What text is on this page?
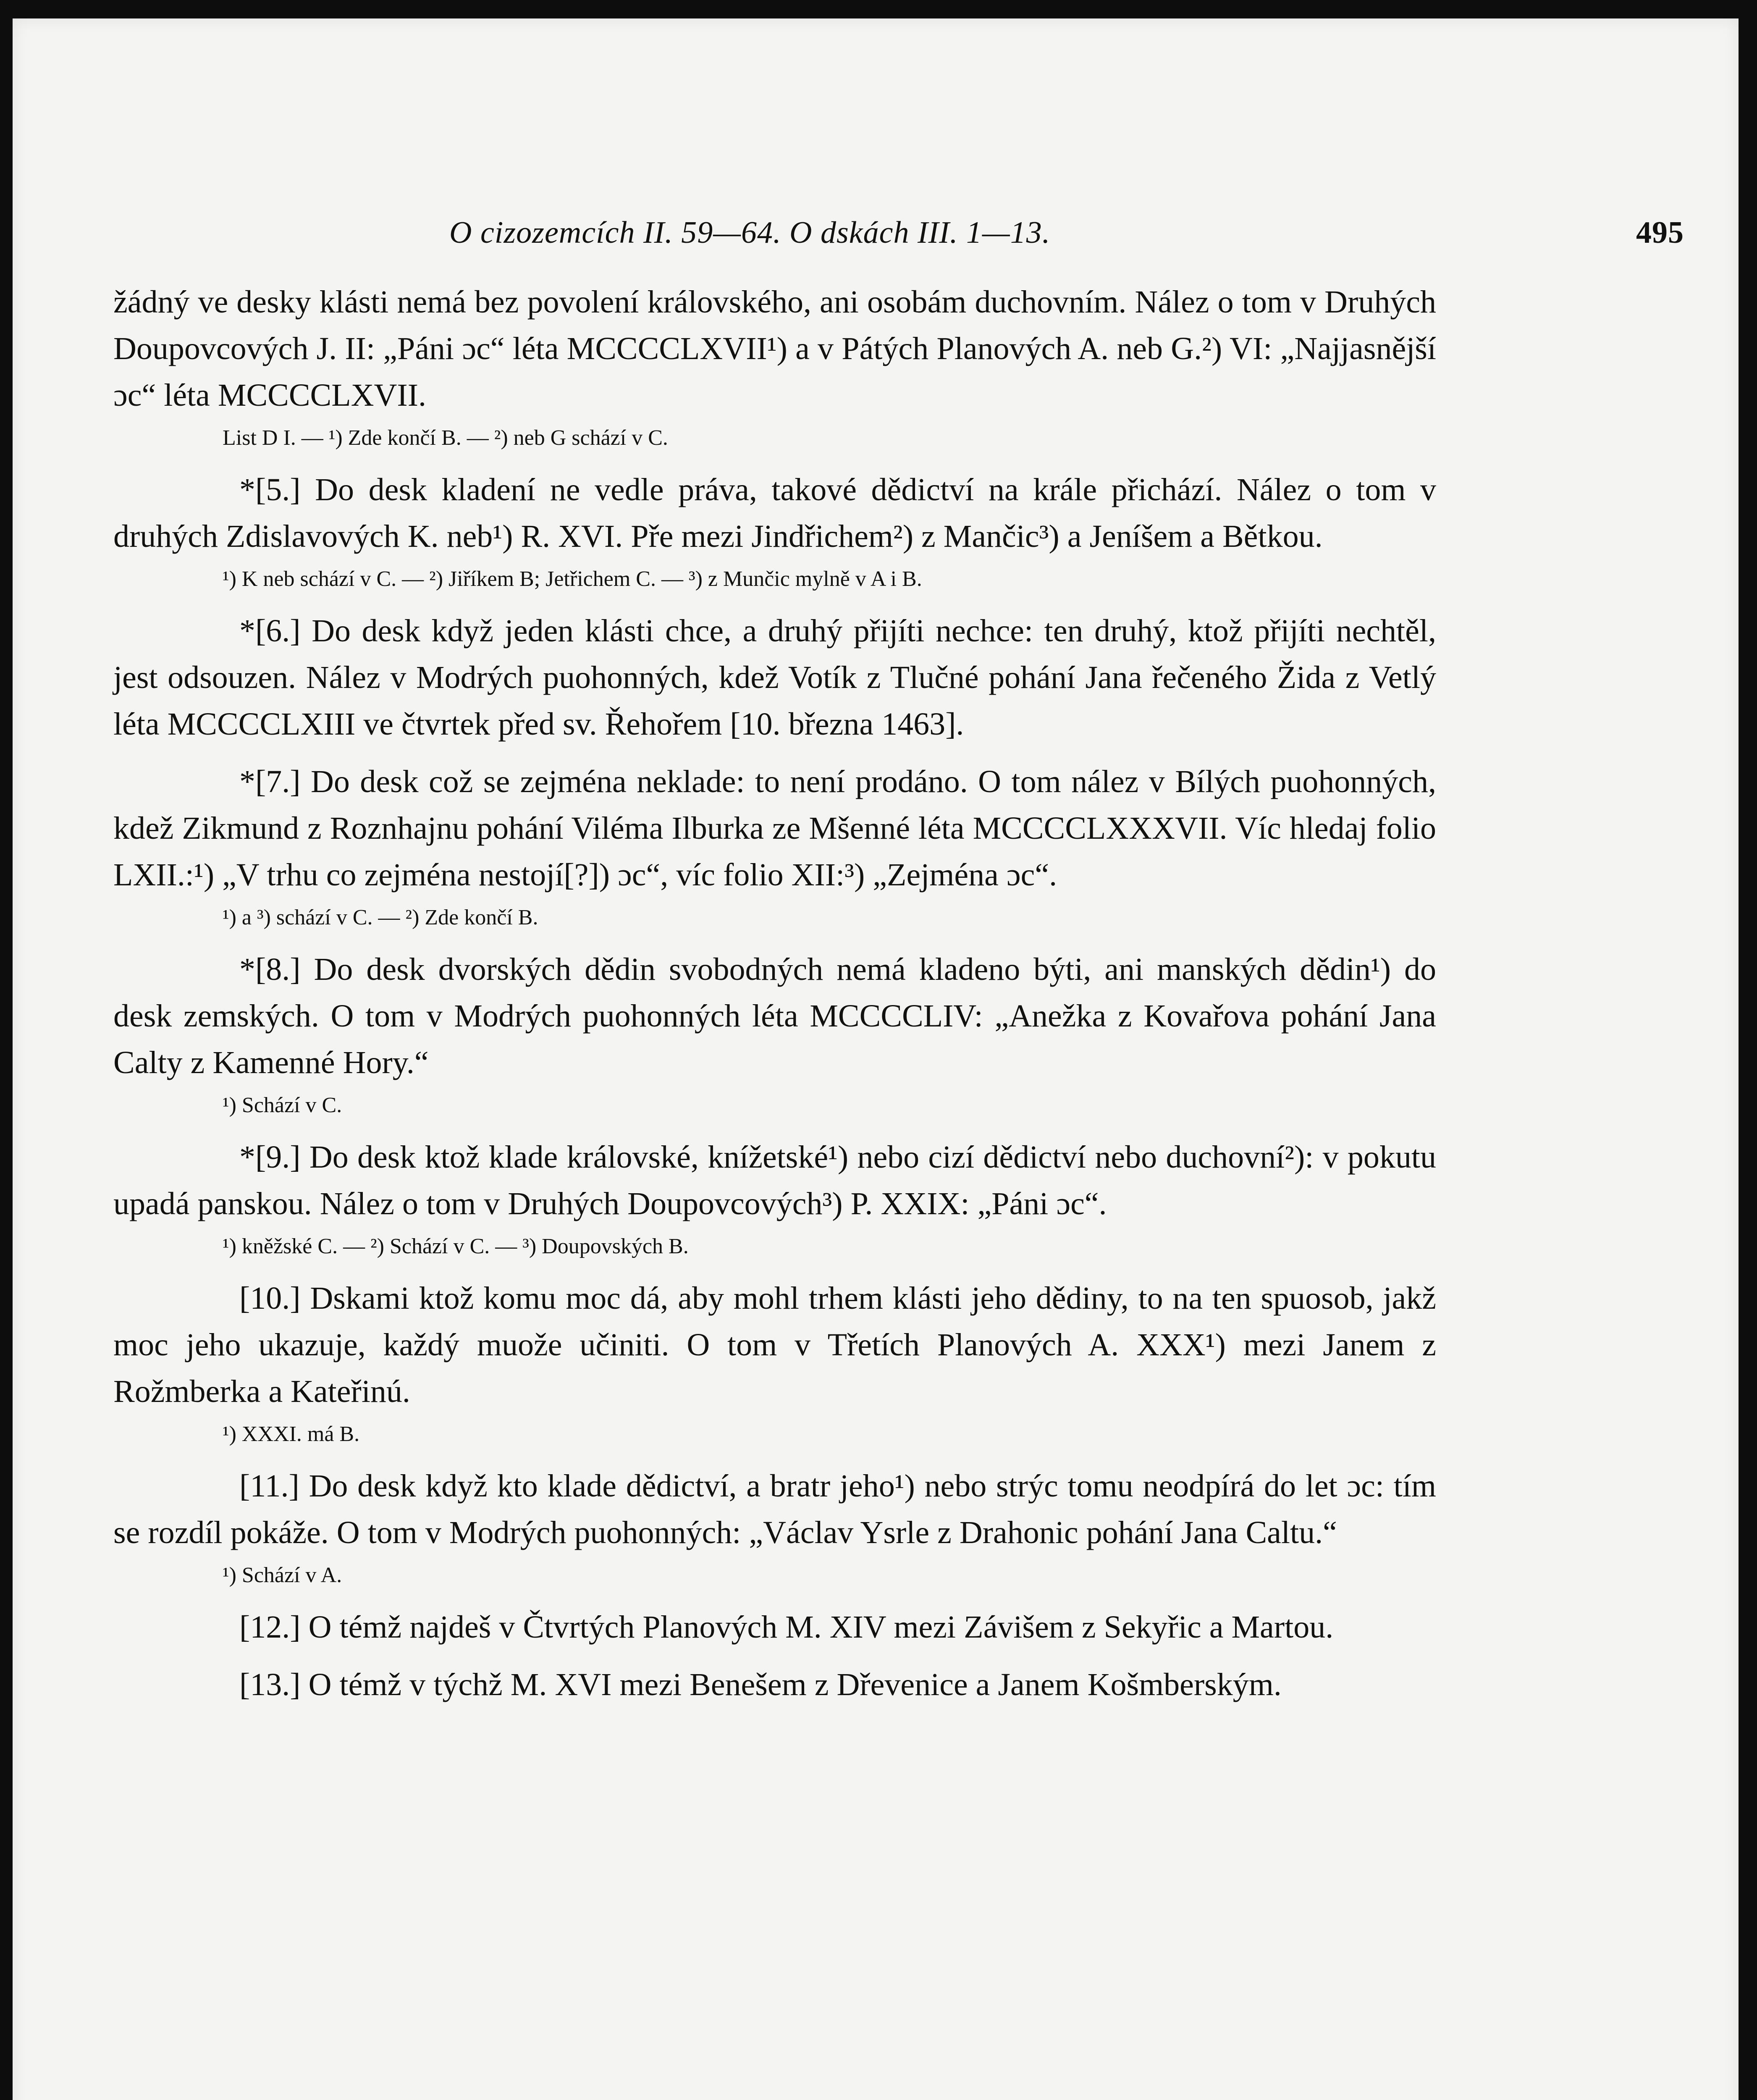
O cizozemcích II. 59—64. O dskách III. 1—13.	495

žádný ve desky klásti nemá bez povolení královského, ani osobám duchovním. Nález o tom v Druhých Doupovcových J. II: „Páni ɔc“ léta MCCCCLXVII¹) a v Pátých Planových A. neb G.²) VI: „Najjasnější ɔc“ léta MCCCCLXVII.

List D I. — ¹) Zde končí B. — ²) neb G schází v C.

*[5.] Do desk kladení ne vedle práva, takové dědictví na krále přichází. Nález o tom v druhých Zdislavových K. neb¹) R. XVI. Pře mezi Jindřichem²) z Mančic³) a Jeníšem a Bětkou.

¹) K neb schází v C. — ²) Jiříkem B; Jetřichem C. — ³) z Munčic mylně v A i B.

*[6.] Do desk když jeden klásti chce, a druhý přijíti nechce: ten druhý, ktož přijíti nechtěl, jest odsouzen. Nález v Modrých puohonných, kdež Votík z Tlučné pohání Jana řečeného Žida z Vetlý léta MCCCCLXIII ve čtvrtek před sv. Řehořem [10. března 1463].

*[7.] Do desk což se zejména neklade: to není prodáno. O tom nález v Bílých puohonných, kdež Zikmund z Roznhajnu pohání Viléma Ilburka ze Mšenné léta MCCCCLXXXVII. Víc hledaj folio LXII.:¹) „V trhu co zejména nestojí[?]) ɔc“, víc folio XII:³) „Zejména ɔc“.

¹) a ³) schází v C. — ²) Zde končí B.

*[8.] Do desk dvorských dědin svobodných nemá kladeno býti, ani manských dědin¹) do desk zemských. O tom v Modrých puohonných léta MCCCCLIV: „Anežka z Kovařova pohání Jana Calty z Kamenné Hory.“

¹) Schází v C.

*[9.] Do desk ktož klade královské, knížetské¹) nebo cizí dědictví nebo duchovní²): v pokutu upadá panskou. Nález o tom v Druhých Doupovcových³) P. XXIX: „Páni ɔc“.

¹) kněžské C. — ²) Schází v C. — ³) Doupovských B.

[10.] Dskami ktož komu moc dá, aby mohl trhem klásti jeho dědiny, to na ten spuosob, jakž moc jeho ukazuje, každý muože učiniti. O tom v Třetích Planových A. XXX¹) mezi Janem z Rožmberka a Kateřinú.

¹) XXXI. má B.

[11.] Do desk když kto klade dědictví, a bratr jeho¹) nebo strýc tomu neodpírá do let ɔc: tím se rozdíl pokáže. O tom v Modrých puohonných: „Václav Ysrle z Drahonic pohání Jana Caltu.“

¹) Schází v A.

[12.] O témž najdeš v Čtvrtých Planových M. XIV mezi Závišem z Sekyřic a Martou.

[13.] O témž v týchž M. XVI mezi Benešem z Dřevenice a Janem Košmberským.
